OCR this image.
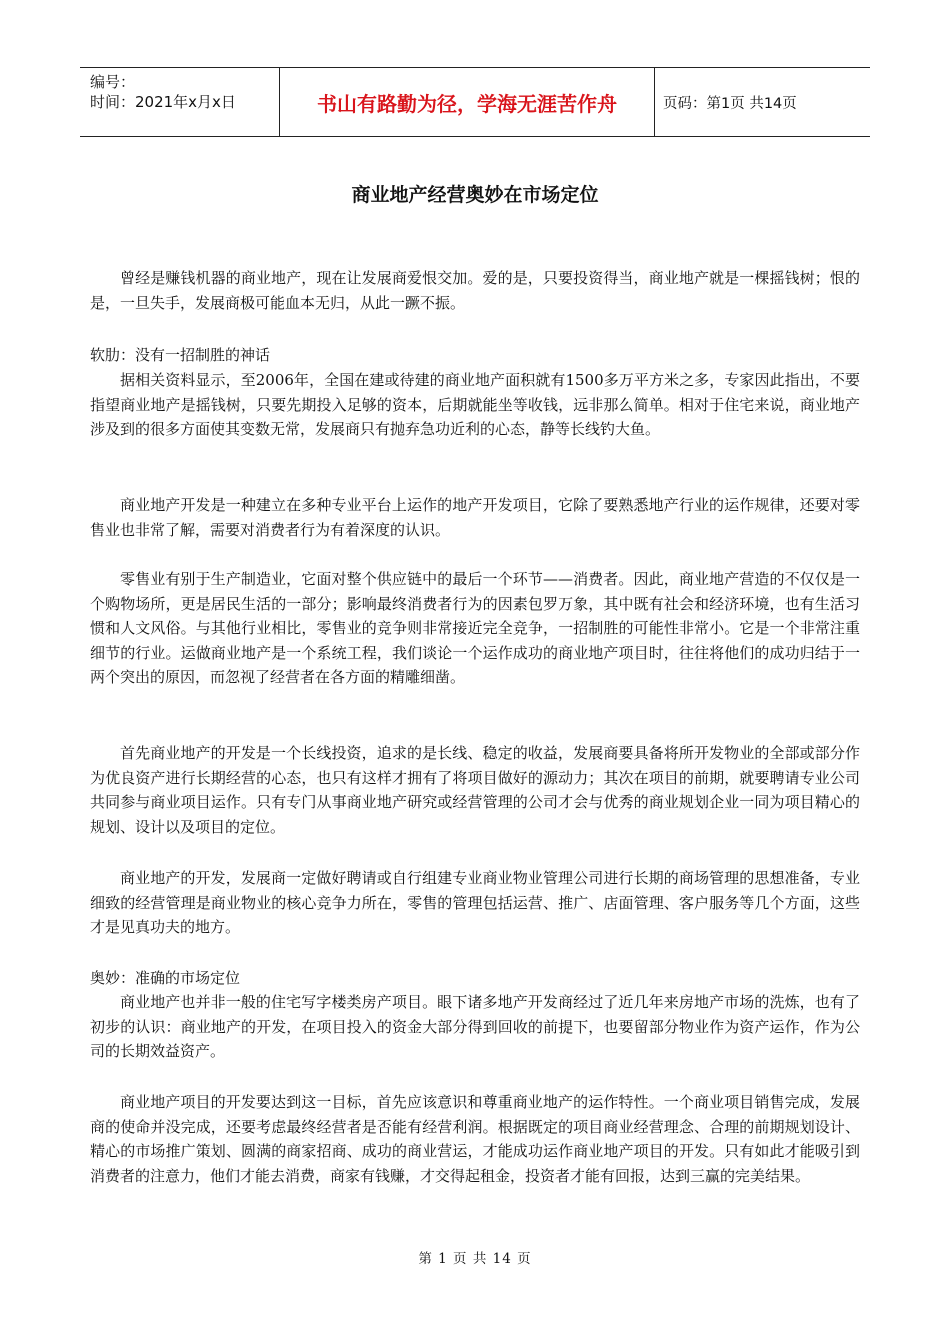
编号：
时间：2021年x月x日	书山有路勤为径，学海无涯苦作舟	页码：第1页 共14页
商业地产经营奥妙在市场定位

曾经是赚钱机器的商业地产，现在让发展商爱恨交加。爱的是，只要投资得当，商业地产就是一棵摇钱树；恨的是，一旦失手，发展商极可能血本无归，从此一蹶不振。

软肋：没有一招制胜的神话

据相关资料显示，至2006年，全国在建或待建的商业地产面积就有1500多万平方米之多，专家因此指出，不要指望商业地产是摇钱树，只要先期投入足够的资本，后期就能坐等收钱，远非那么简单。相对于住宅来说，商业地产涉及到的很多方面使其变数无常，发展商只有抛弃急功近利的心态，静等长线钓大鱼。

商业地产开发是一种建立在多种专业平台上运作的地产开发项目，它除了要熟悉地产行业的运作规律，还要对零售业也非常了解，需要对消费者行为有着深度的认识。

零售业有别于生产制造业，它面对整个供应链中的最后一个环节——消费者。因此，商业地产营造的不仅仅是一个购物场所，更是居民生活的一部分；影响最终消费者行为的因素包罗万象，其中既有社会和经济环境，也有生活习惯和人文风俗。与其他行业相比，零售业的竞争则非常接近完全竞争，一招制胜的可能性非常小。它是一个非常注重细节的行业。运做商业地产是一个系统工程，我们谈论一个运作成功的商业地产项目时，往往将他们的成功归结于一两个突出的原因，而忽视了经营者在各方面的精雕细凿。

首先商业地产的开发是一个长线投资，追求的是长线、稳定的收益，发展商要具备将所开发物业的全部或部分作为优良资产进行长期经营的心态，也只有这样才拥有了将项目做好的源动力；其次在项目的前期，就要聘请专业公司共同参与商业项目运作。只有专门从事商业地产研究或经营管理的公司才会与优秀的商业规划企业一同为项目精心的规划、设计以及项目的定位。

商业地产的开发，发展商一定做好聘请或自行组建专业商业物业管理公司进行长期的商场管理的思想准备，专业细致的经营管理是商业物业的核心竞争力所在，零售的管理包括运营、推广、店面管理、客户服务等几个方面，这些才是见真功夫的地方。

奥妙：准确的市场定位

商业地产也并非一般的住宅写字楼类房产项目。眼下诸多地产开发商经过了近几年来房地产市场的洗炼，也有了初步的认识：商业地产的开发，在项目投入的资金大部分得到回收的前提下，也要留部分物业作为资产运作，作为公司的长期效益资产。

商业地产项目的开发要达到这一目标，首先应该意识和尊重商业地产的运作特性。一个商业项目销售完成，发展商的使命并没完成，还要考虑最终经营者是否能有经营利润。根据既定的项目商业经营理念、合理的前期规划设计、精心的市场推广策划、圆满的商家招商、成功的商业营运，才能成功运作商业地产项目的开发。只有如此才能吸引到消费者的注意力，他们才能去消费，商家有钱赚，才交得起租金，投资者才能有回报，达到三赢的完美结果。

第 1 页 共 14 页
